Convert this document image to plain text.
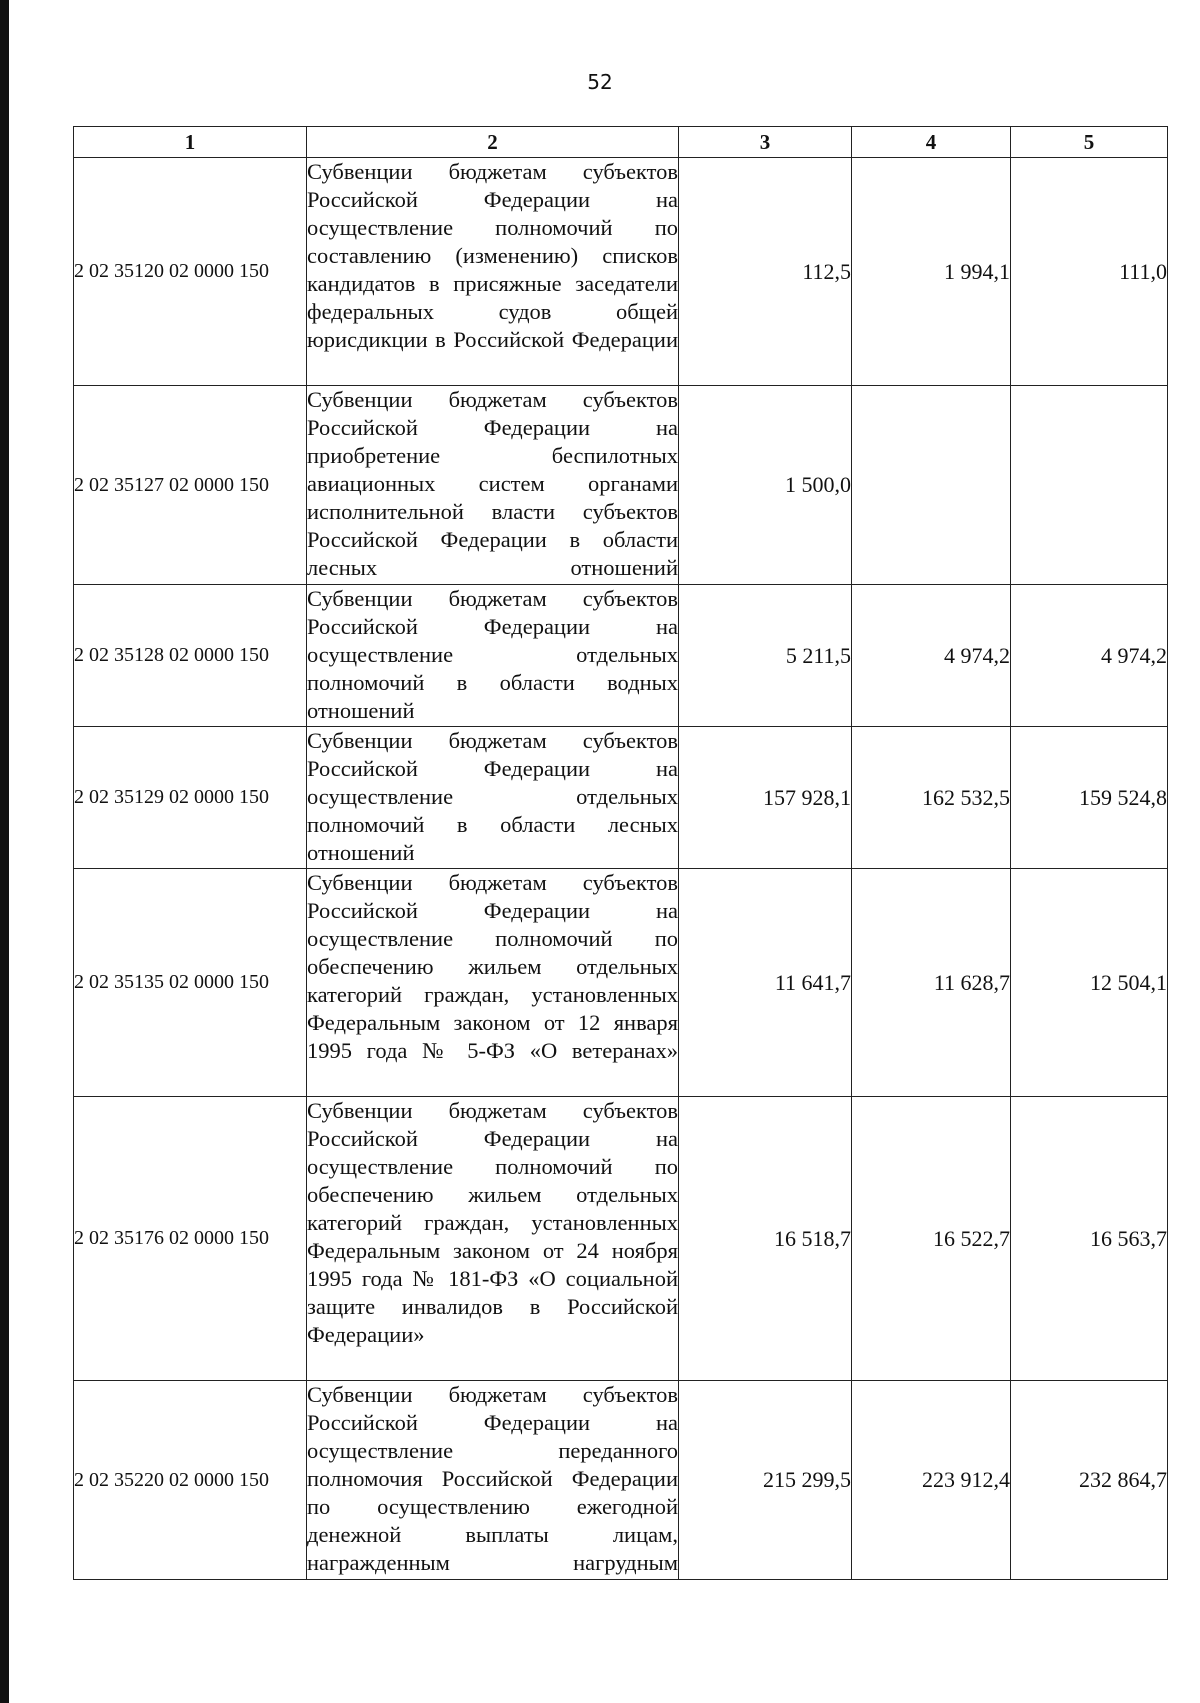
52
1	2	3	4	5
2 02 35120 02 0000 150	Субвенции бюджетам субъектов Российской Федерации на осуществление полномочий по составлению (изменению) списков кандидатов в присяжные заседатели федеральных судов общей юрисдикции в Российской Федерации	112,5	1 994,1	111,0
2 02 35127 02 0000 150	Субвенции бюджетам субъектов Российской Федерации на приобретение беспилотных авиационных систем органами исполнительной власти субъектов Российской Федерации в области лесных отношений	1 500,0		
2 02 35128 02 0000 150	Субвенции бюджетам субъектов Российской Федерации на осуществление отдельных полномочий в области водных отношений	5 211,5	4 974,2	4 974,2
2 02 35129 02 0000 150	Субвенции бюджетам субъектов Российской Федерации на осуществление отдельных полномочий в области лесных отношений	157 928,1	162 532,5	159 524,8
2 02 35135 02 0000 150	Субвенции бюджетам субъектов Российской Федерации на осуществление полномочий по обеспечению жильем отдельных категорий граждан, установленных Федеральным законом от 12 января 1995 года № 5-ФЗ «О ветеранах»	11 641,7	11 628,7	12 504,1
2 02 35176 02 0000 150	Субвенции бюджетам субъектов Российской Федерации на осуществление полномочий по обеспечению жильем отдельных категорий граждан, установленных Федеральным законом от 24 ноября 1995 года № 181-ФЗ «О социальной защите инвалидов в Российской Федерации»	16 518,7	16 522,7	16 563,7
2 02 35220 02 0000 150	Субвенции бюджетам субъектов Российской Федерации на осуществление переданного полномочия Российской Федерации по осуществлению ежегодной денежной выплаты лицам, награжденным нагрудным	215 299,5	223 912,4	232 864,7
